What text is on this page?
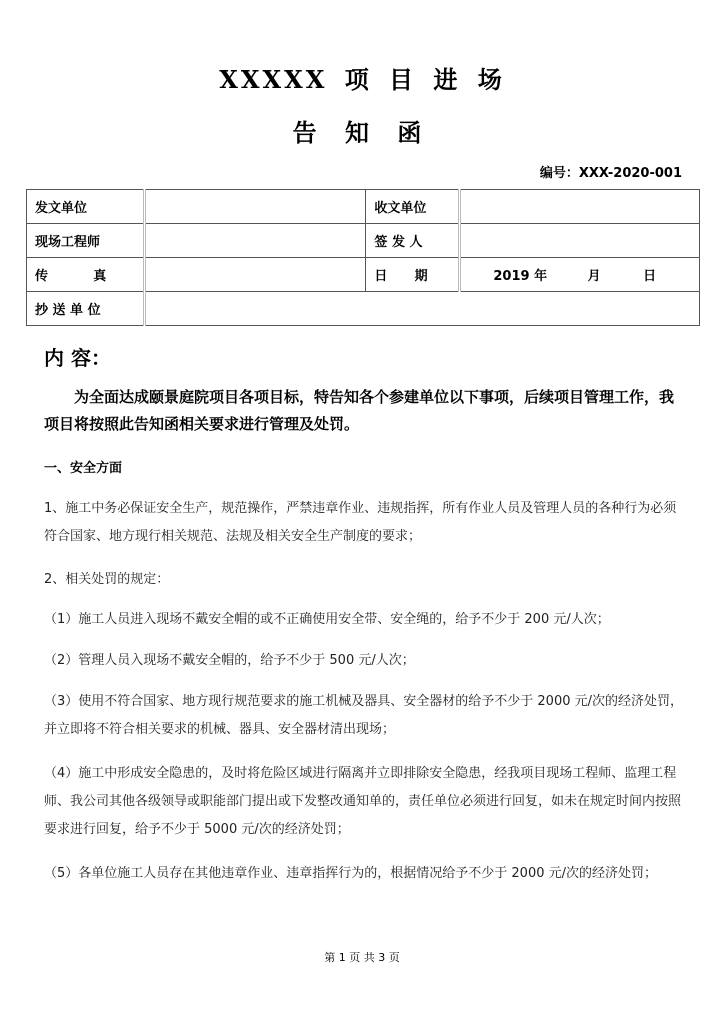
XXXXX 项 目 进 场
告 知 函
编号：XXX-2020-001
发文单位		收文单位	
现场工程师		签 发 人	
传          真		日      期	2019 年 月 日
抄 送 单 位			
内 容：
为全面达成颐景庭院项目各项目标，特告知各个参建单位以下事项，后续项目管理工作，我项目将按照此告知函相关要求进行管理及处罚。
一、安全方面
1、施工中务必保证安全生产，规范操作，严禁违章作业、违规指挥，所有作业人员及管理人员的各种行为必须符合国家、地方现行相关规范、法规及相关安全生产制度的要求；
2、相关处罚的规定：
（1）施工人员进入现场不戴安全帽的或不正确使用安全带、安全绳的，给予不少于 200 元/人次；
（2）管理人员入现场不戴安全帽的，给予不少于 500 元/人次；
（3）使用不符合国家、地方现行规范要求的施工机械及器具、安全器材的给予不少于 2000 元/次的经济处罚，并立即将不符合相关要求的机械、器具、安全器材清出现场；
（4）施工中形成安全隐患的，及时将危险区域进行隔离并立即排除安全隐患，经我项目现场工程师、监理工程师、我公司其他各级领导或职能部门提出或下发整改通知单的，责任单位必须进行回复，如未在规定时间内按照要求进行回复，给予不少于 5000 元/次的经济处罚；
（5）各单位施工人员存在其他违章作业、违章指挥行为的，根据情况给予不少于 2000 元/次的经济处罚；
第 1 页 共 3 页
